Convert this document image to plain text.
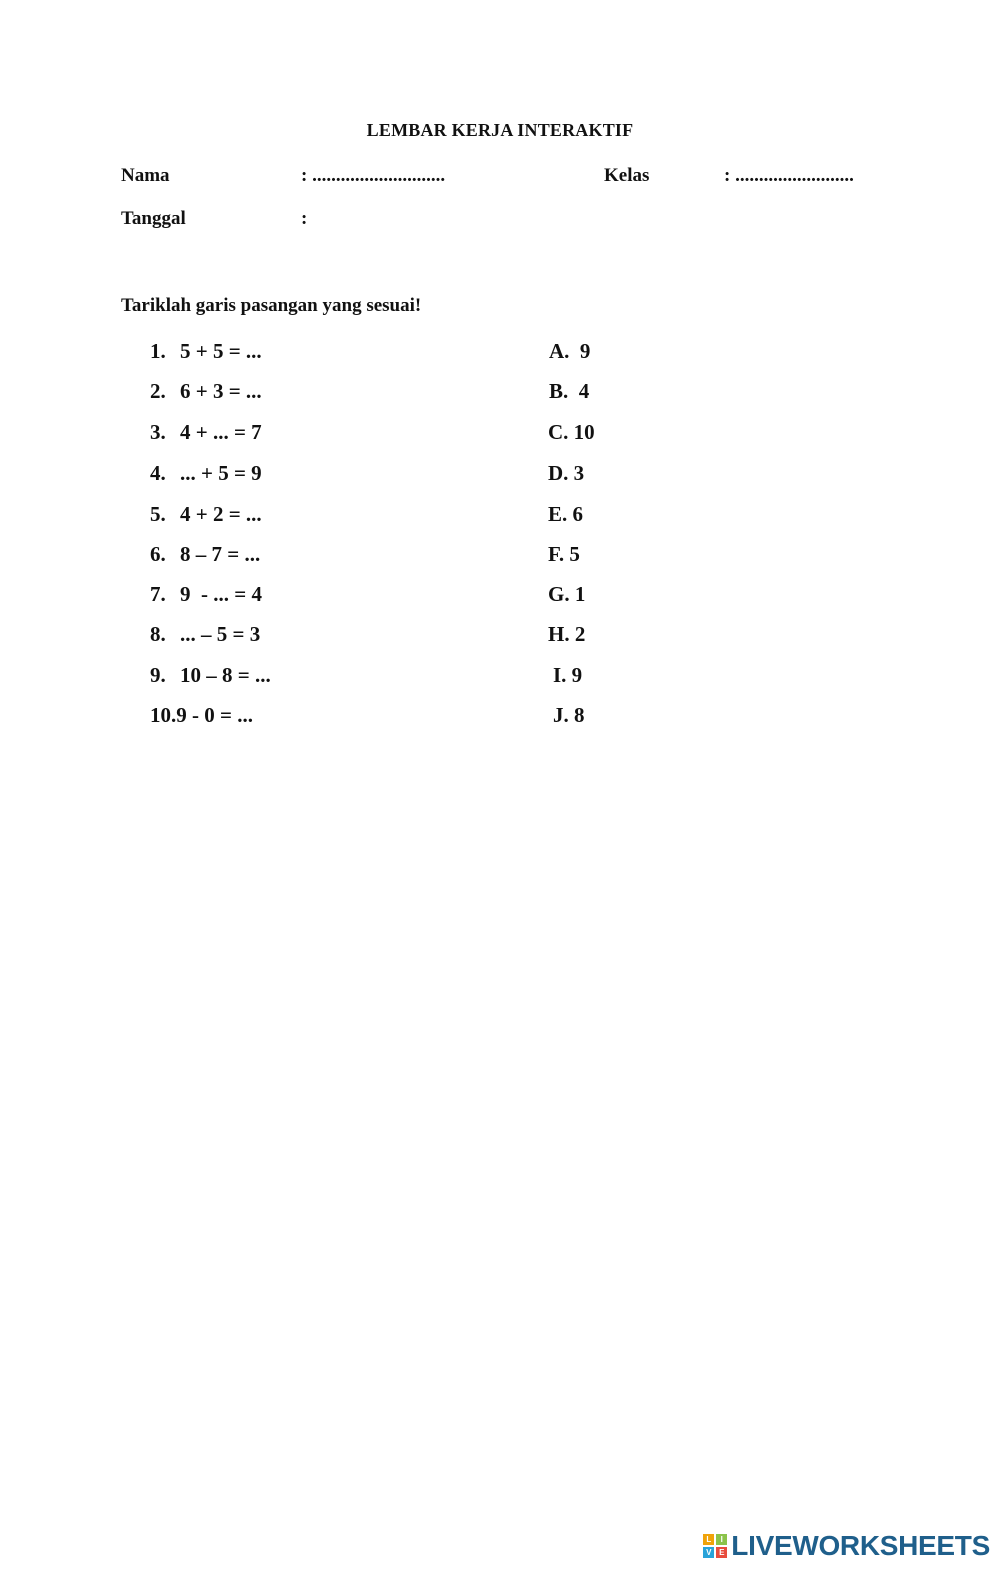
LEMBAR KERJA INTERAKTIF
Nama	: ............................	Kelas	: .........................
Tanggal	:
Tariklah garis pasangan yang sesuai!
1. 5 + 5 = ...
2. 6 + 3 = ...
3. 4 + ... = 7
4. ... + 5 = 9
5. 4 + 2 = ...
6. 8 – 7 = ...
7. 9  - ... = 4
8. ... – 5 = 3
9. 10 – 8 = ...
10.9 - 0 = ...
A.  9
B.  4
C. 10
D. 3
E. 6
F. 5
G. 1
H. 2
I. 9
J. 8
L	I
V E LIVEWORKSHEETS
